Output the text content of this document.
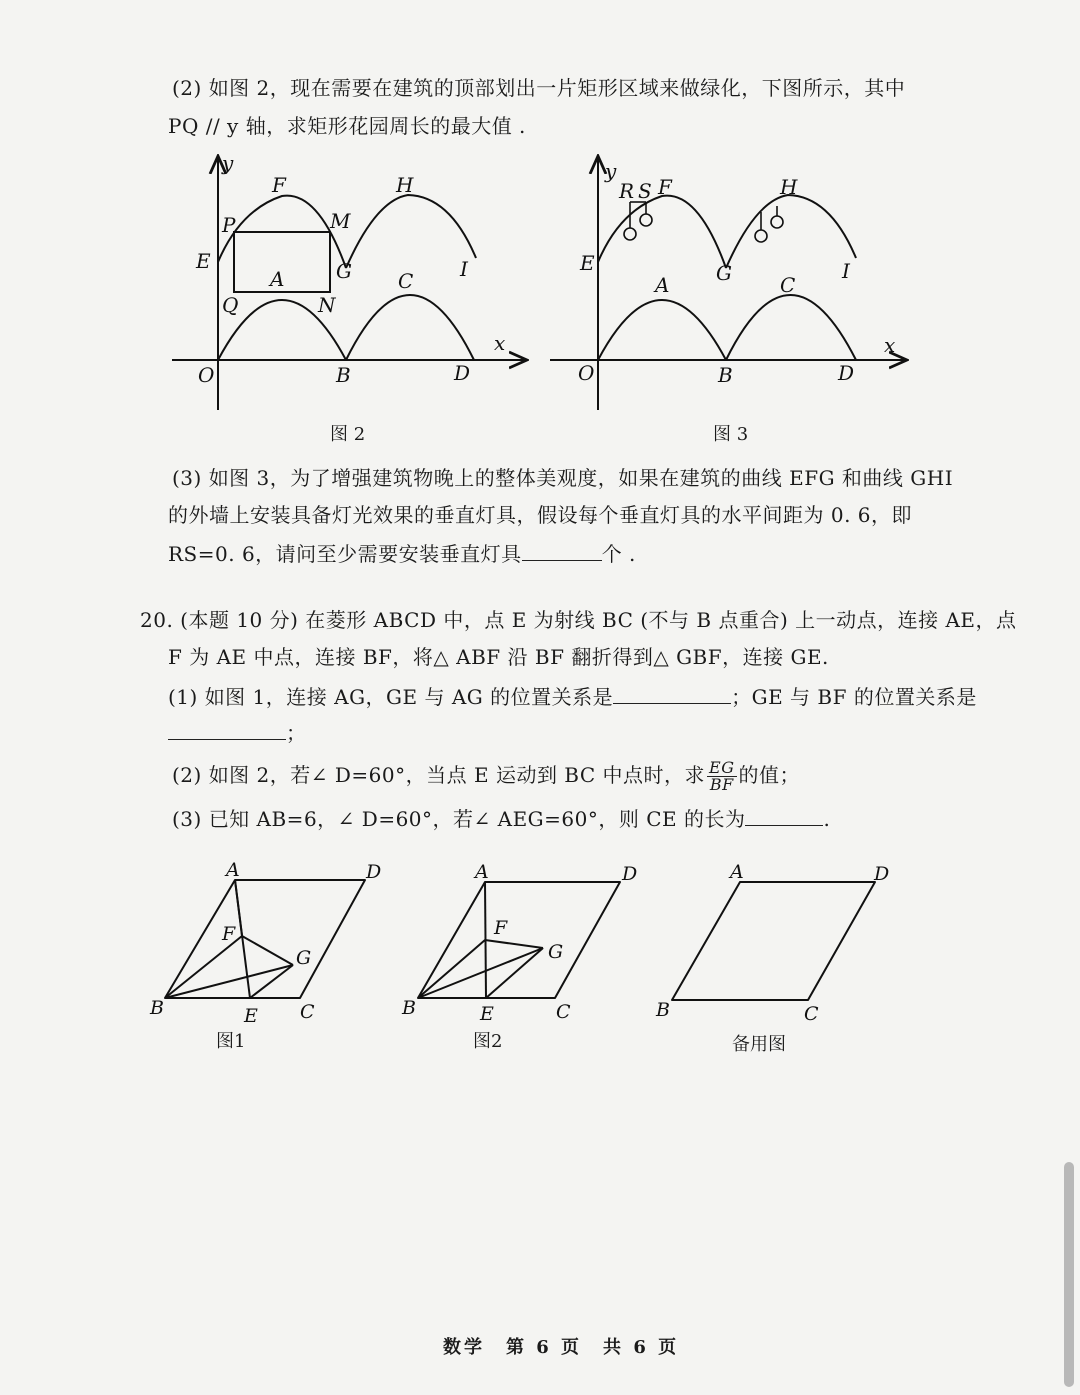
(2) 如图 2，现在需要在建筑的顶部划出一片矩形区域来做绿化，下图所示，其中
PQ // y 轴，求矩形花园周长的最大值 .
y
x
O	B	D
E
F	H
P	M
G	I
A	C
Q	N
图 2
y
x
O	B	D
E
R S F	H
G	I
A	C
图 3
(3) 如图 3，为了增强建筑物晚上的整体美观度，如果在建筑的曲线 EFG 和曲线 GHI
的外墙上安装具备灯光效果的垂直灯具，假设每个垂直灯具的水平间距为 0. 6，即
RS=0. 6，请问至少需要安装垂直灯具	个 .
20. (本题 10 分) 在菱形 ABCD 中，点 E 为射线 BC (不与 B 点重合) 上一动点，连接 AE，点
F 为 AE 中点，连接 BF，将△ ABF 沿 BF 翻折得到△ GBF，连接 GE.
(1) 如图 1，连接 AG，GE 与 AG 的位置关系是	；GE 与 BF 的位置关系是
；
(2) 如图 2，若∠ D=60°，当点 E 运动到 BC 中点时，求 $\frac{EG}{BF}$ 的值；
(3) 已知 AB=6，∠ D=60°，若∠ AEG=60°，则 CE 的长为	.
A	D
B	C
E
F
G
图1
A	D
B	C
E
F
G
图2
A	D
B	C
备用图
数学　第 6 页　共 6 页
